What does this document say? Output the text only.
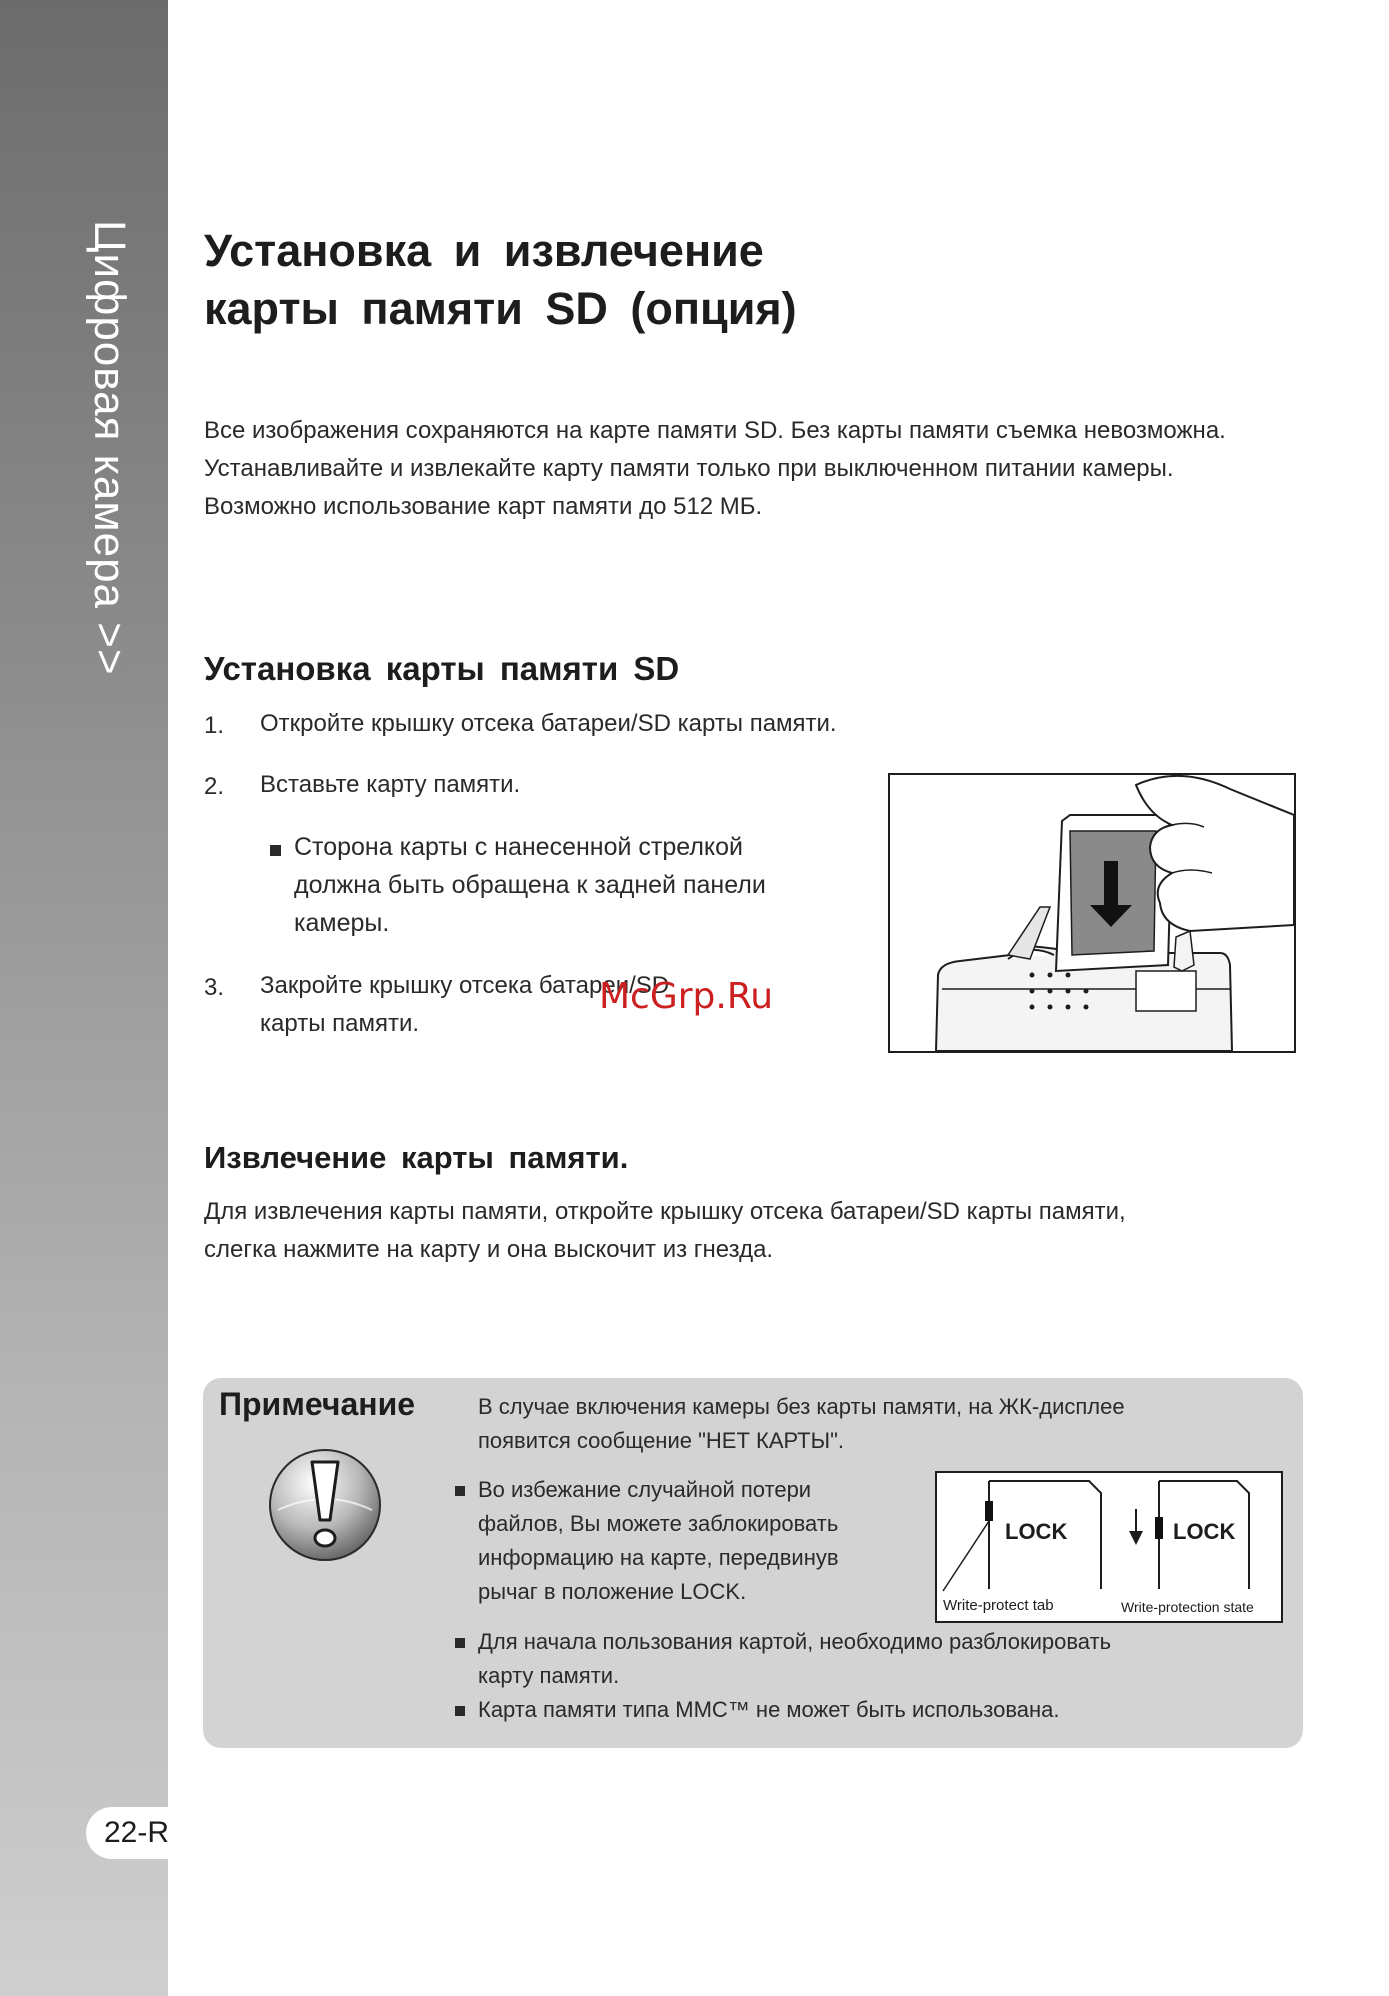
Цифровая камера >>
22-R
Установка и извлечение
карты памяти SD (опция)
Все изображения сохраняются на карте памяти SD. Без карты памяти съемка невозможна.
Устанавливайте и извлекайте карту памяти только при выключенном питании камеры.
Возможно использование карт памяти до 512 МБ.
Установка карты памяти SD
1. Откройте крышку отсека батареи/SD карты памяти.
2. Вставьте карту памяти.
Сторона карты с нанесенной стрелкой
должна быть обращена к задней панели
камеры.
3. Закройте крышку отсека батареи/SD
карты памяти.
McGrp.Ru
Извлечение карты памяти.
Для извлечения карты памяти, откройте крышку отсека батареи/SD карты памяти,
слегка нажмите на карту и она выскочит из гнезда.
Примечание	В случае включения камеры без карты памяти, на ЖК-дисплее
появится сообщение "НЕТ КАРТЫ".
Во избежание случайной потери
файлов, Вы можете заблокировать
информацию на карте, передвинув
рычаг в положение LOCK.
LOCK	LOCK
Write-protect tab	Write-protection state
Для начала пользования картой, необходимо разблокировать
карту памяти.
Карта памяти типа MMC™ не может быть использована.
